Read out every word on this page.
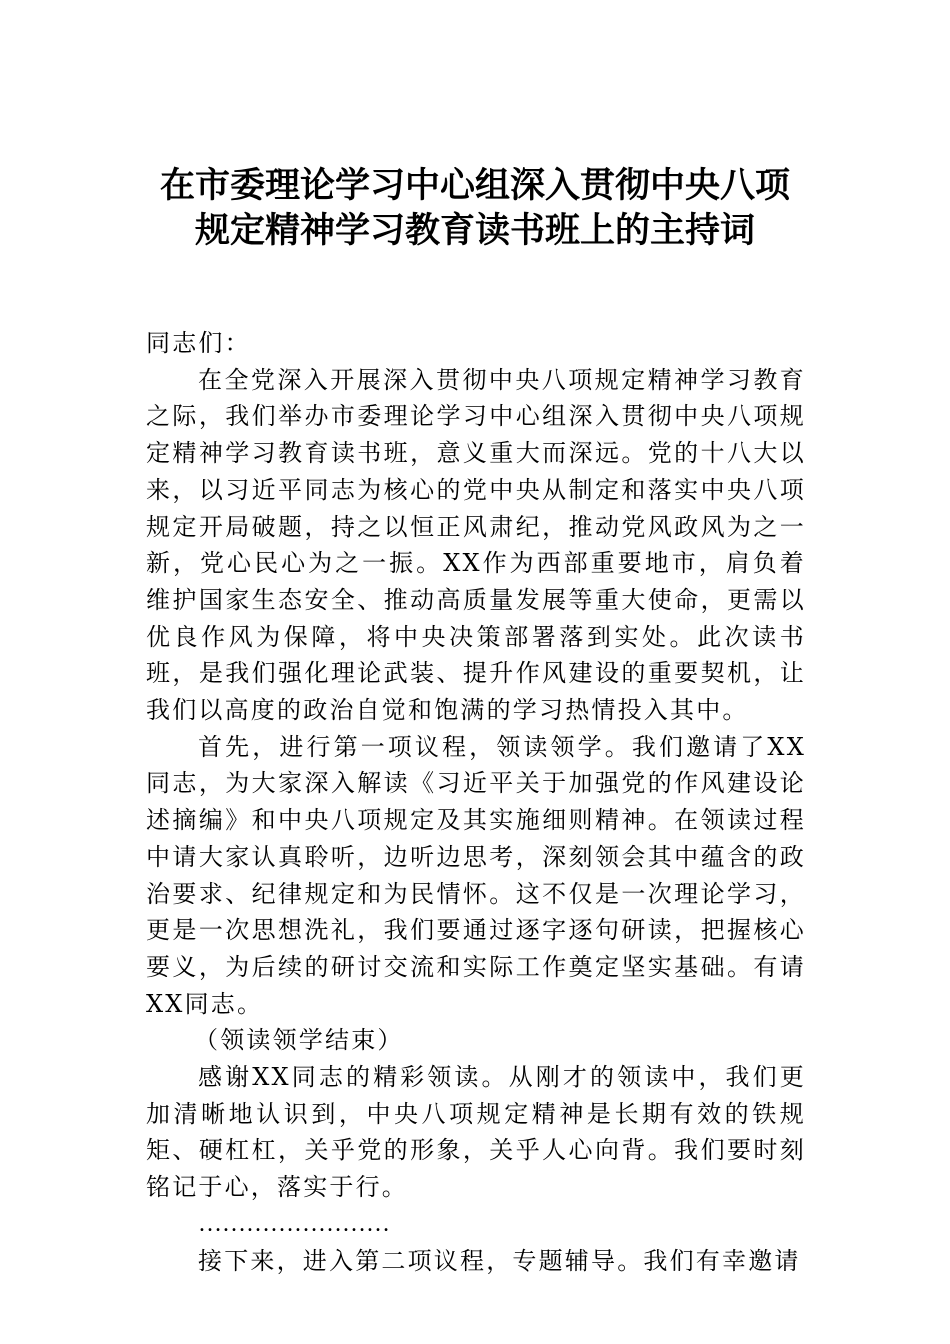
在市委理论学习中心组深入贯彻中央八项
规定精神学习教育读书班上的主持词

同志们：

在全党深入开展深入贯彻中央八项规定精神学习教育之际，我们举办市委理论学习中心组深入贯彻中央八项规定精神学习教育读书班，意义重大而深远。党的十八大以来，以习近平同志为核心的党中央从制定和落实中央八项规定开局破题，持之以恒正风肃纪，推动党风政风为之一新，党心民心为之一振。XX作为西部重要地市，肩负着维护国家生态安全、推动高质量发展等重大使命，更需以优良作风为保障，将中央决策部署落到实处。此次读书班，是我们强化理论武装、提升作风建设的重要契机，让我们以高度的政治自觉和饱满的学习热情投入其中。

首先，进行第一项议程，领读领学。我们邀请了XX同志，为大家深入解读《习近平关于加强党的作风建设论述摘编》和中央八项规定及其实施细则精神。在领读过程中请大家认真聆听，边听边思考，深刻领会其中蕴含的政治要求、纪律规定和为民情怀。这不仅是一次理论学习，更是一次思想洗礼，我们要通过逐字逐句研读，把握核心要义，为后续的研讨交流和实际工作奠定坚实基础。有请XX同志。

（领读领学结束）

感谢XX同志的精彩领读。从刚才的领读中，我们更加清晰地认识到，中央八项规定精神是长期有效的铁规矩、硬杠杠，关乎党的形象，关乎人心向背。我们要时刻铭记于心，落实于行。

……………………

接下来，进入第二项议程，专题辅导。我们有幸邀请
